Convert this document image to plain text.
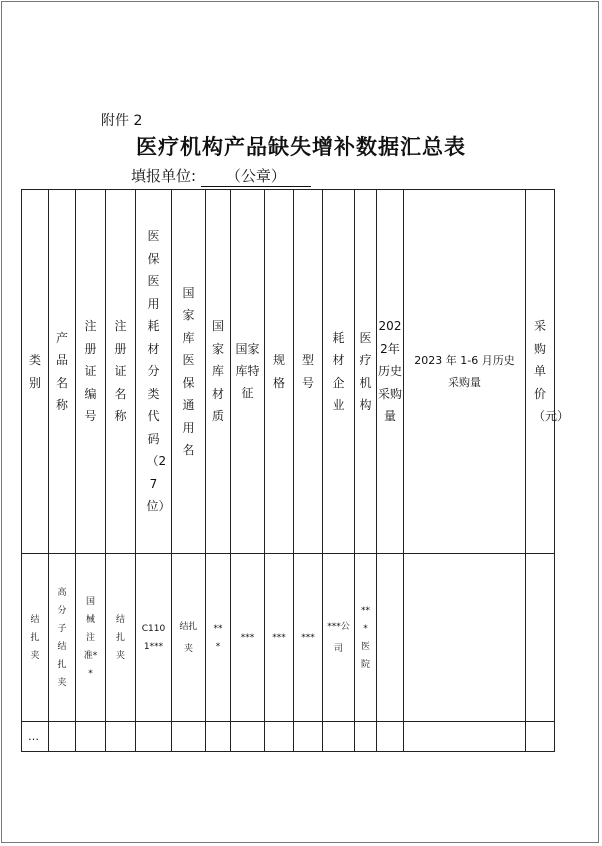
附件 2
医疗机构产品缺失增补数据汇总表
填报单位: （公章）
类别	产品名称	注册证编号	注册证名称	医保医用耗材分类代码（27位）	国家库医保通用名	国家库材质	国家库特征	规格	型号	耗材企业	医疗机构	2022年历史采购量	2023 年 1-6 月历史采购量	采购单价（元）
结扎夹	高分子结扎夹	国械注准**	结扎夹	C1101***	结扎夹	***	***	***	***	***公司	***医院			
…														
